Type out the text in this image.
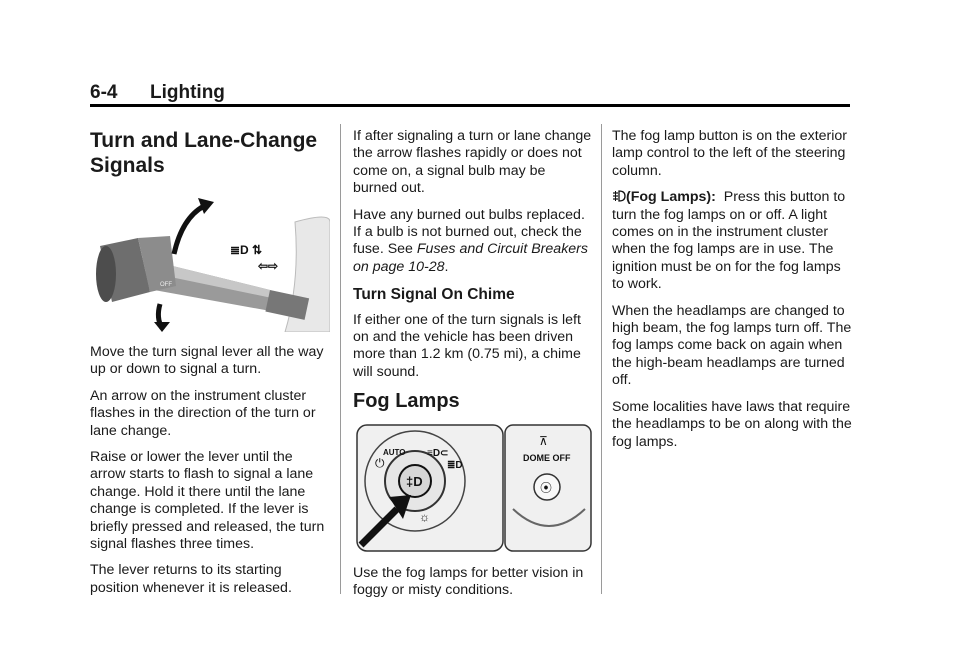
6-4 Lighting
Turn and Lane-Change Signals
≣D ⇅
⇦⇨
OFF

Move the turn signal lever all the way up or down to signal a turn.

An arrow on the instrument cluster flashes in the direction of the turn or lane change.

Raise or lower the lever until the arrow starts to flash to signal a lane change. Hold it there until the lane change is completed. If the lever is briefly pressed and released, the turn signal flashes three times.

The lever returns to its starting position whenever it is released.

If after signaling a turn or lane change the arrow flashes rapidly or does not come on, a signal bulb may be burned out.

Have any burned out bulbs replaced. If a bulb is not burned out, check the fuse. See Fuses and Circuit Breakers on page 10-28.

Turn Signal On Chime

If either one of the turn signals is left on and the vehicle has been driven more than 1.2 km (0.75 mi), a chime will sound.

Fog Lamps
‡D
AUTO
⏻
≡D⊂
≣D
☼
⊼
DOME OFF
⦿

Use the fog lamps for better vision in foggy or misty conditions.

The fog lamp button is on the exterior lamp control to the left of the steering column.

(Fog Lamps): Press this button to turn the fog lamps on or off. A light comes on in the instrument cluster when the fog lamps are in use. The ignition must be on for the fog lamps to work.

When the headlamps are changed to high beam, the fog lamps turn off. The fog lamps come back on again when the high-beam headlamps are turned off.

Some localities have laws that require the headlamps to be on along with the fog lamps.
